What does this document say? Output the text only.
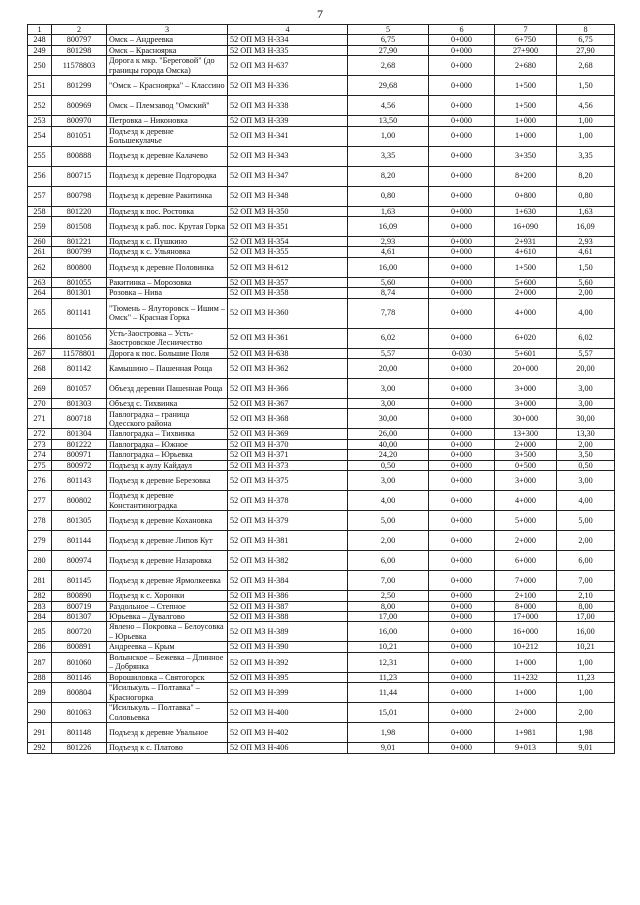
7
1	2	3	4	5	6	7	8
248	800797	Омск – Андреевка	52 ОП МЗ Н-334	6,75	0+000	6+750	6,75
249	801298	Омск – Красноярка	52 ОП МЗ Н-335	27,90	0+000	27+900	27,90
250	11578803	Дорога к мкр. "Береговой" (до границы города Омска)	52 ОП МЗ Н-637	2,68	0+000	2+680	2,68
251	801299	"Омск – Красноярка" – Классино	52 ОП МЗ Н-336	29,68	0+000	1+500	1,50
252	800969	Омск – Племзавод "Омский"	52 ОП МЗ Н-338	4,56	0+000	1+500	4,56
253	800970	Петровка – Никоновка	52 ОП МЗ Н-339	13,50	0+000	1+000	1,00
254	801051	Подъезд к деревне Большекулачье	52 ОП МЗ Н-341	1,00	0+000	1+000	1,00
255	800888	Подъезд к деревне Калачево	52 ОП МЗ Н-343	3,35	0+000	3+350	3,35
256	800715	Подъезд к деревне Подгородка	52 ОП МЗ Н-347	8,20	0+000	8+200	8,20
257	800798	Подъезд к деревне Ракитинка	52 ОП МЗ Н-348	0,80	0+000	0+800	0,80
258	801220	Подъезд к пос. Ростовка	52 ОП МЗ Н-350	1,63	0+000	1+630	1,63
259	801508	Подъезд к раб. пос. Крутая Горка	52 ОП МЗ Н-351	16,09	0+000	16+090	16,09
260	801221	Подъезд к с. Пушкино	52 ОП МЗ Н-354	2,93	0+000	2+931	2,93
261	800799	Подъезд к с. Ульяновка	52 ОП МЗ Н-355	4,61	0+000	4+610	4,61
262	800800	Подъезд к деревне Половинка	52 ОП МЗ Н-612	16,00	0+000	1+500	1,50
263	801055	Ракитинка – Морозовка	52 ОП МЗ Н-357	5,60	0+000	5+600	5,60
264	801301	Розовка – Нива	52 ОП МЗ Н-358	8,74	0+000	2+000	2,00
265	801141	"Тюмень – Ялуторовск – Ишим – Омск" – Красная Горка	52 ОП МЗ Н-360	7,78	0+000	4+000	4,00
266	801056	Усть-Заостровка – Усть-Заостровское Лесничество	52 ОП МЗ Н-361	6,02	0+000	6+020	6,02
267	11578801	Дорога к пос. Большие Поля	52 ОП МЗ Н-638	5,57	0-030	5+601	5,57
268	801142	Камышино – Пашенная Роща	52 ОП МЗ Н-362	20,00	0+000	20+000	20,00
269	801057	Объезд деревни Пашенная Роща	52 ОП МЗ Н-366	3,00	0+000	3+000	3,00
270	801303	Объезд с. Тихвинка	52 ОП МЗ Н-367	3,00	0+000	3+000	3,00
271	800718	Павлоградка – граница Одесского района	52 ОП МЗ Н-368	30,00	0+000	30+000	30,00
272	801304	Павлоградка – Тихвинка	52 ОП МЗ Н-369	26,00	0+000	13+300	13,30
273	801222	Павлоградка – Южное	52 ОП МЗ Н-370	40,00	0+000	2+000	2,00
274	800971	Павлоградка – Юрьевка	52 ОП МЗ Н-371	24,20	0+000	3+500	3,50
275	800972	Подъезд к аулу Кайдаул	52 ОП МЗ Н-373	0,50	0+000	0+500	0,50
276	801143	Подъезд к деревне Березовка	52 ОП МЗ Н-375	3,00	0+000	3+000	3,00
277	800802	Подъезд к деревне Константиноградка	52 ОП МЗ Н-378	4,00	0+000	4+000	4,00
278	801305	Подъезд к деревне Кохановка	52 ОП МЗ Н-379	5,00	0+000	5+000	5,00
279	801144	Подъезд к деревне Липов Кут	52 ОП МЗ Н-381	2,00	0+000	2+000	2,00
280	800974	Подъезд к деревне Назаровка	52 ОП МЗ Н-382	6,00	0+000	6+000	6,00
281	801145	Подъезд к деревне Ярмолкеевка	52 ОП МЗ Н-384	7,00	0+000	7+000	7,00
282	800890	Подъезд к с. Хоронки	52 ОП МЗ Н-386	2,50	0+000	2+100	2,10
283	800719	Раздольное – Степное	52 ОП МЗ Н-387	8,00	0+000	8+000	8,00
284	801307	Юрьевка – Дувалгово	52 ОП МЗ Н-388	17,00	0+000	17+000	17,00
285	800720	Явлено – Покровка – Белоусовка – Юрьевка	52 ОП МЗ Н-389	16,00	0+000	16+000	16,00
286	800891	Андреевка – Крым	52 ОП МЗ Н-390	10,21	0+000	10+212	10,21
287	801060	Волынское – Бежевка – Длинное – Добрянка	52 ОП МЗ Н-392	12,31	0+000	1+000	1,00
288	801146	Ворошиловка – Святогорск	52 ОП МЗ Н-395	11,23	0+000	11+232	11,23
289	800804	"Исилькуль – Полтавка" – Красногорка	52 ОП МЗ Н-399	11,44	0+000	1+000	1,00
290	801063	"Исилькуль – Полтавка" – Соловьевка	52 ОП МЗ Н-400	15,01	0+000	2+000	2,00
291	801148	Подъезд к деревне Увальное	52 ОП МЗ Н-402	1,98	0+000	1+981	1,98
292	801226	Подъезд к с. Платово	52 ОП МЗ Н-406	9,01	0+000	9+013	9,01
